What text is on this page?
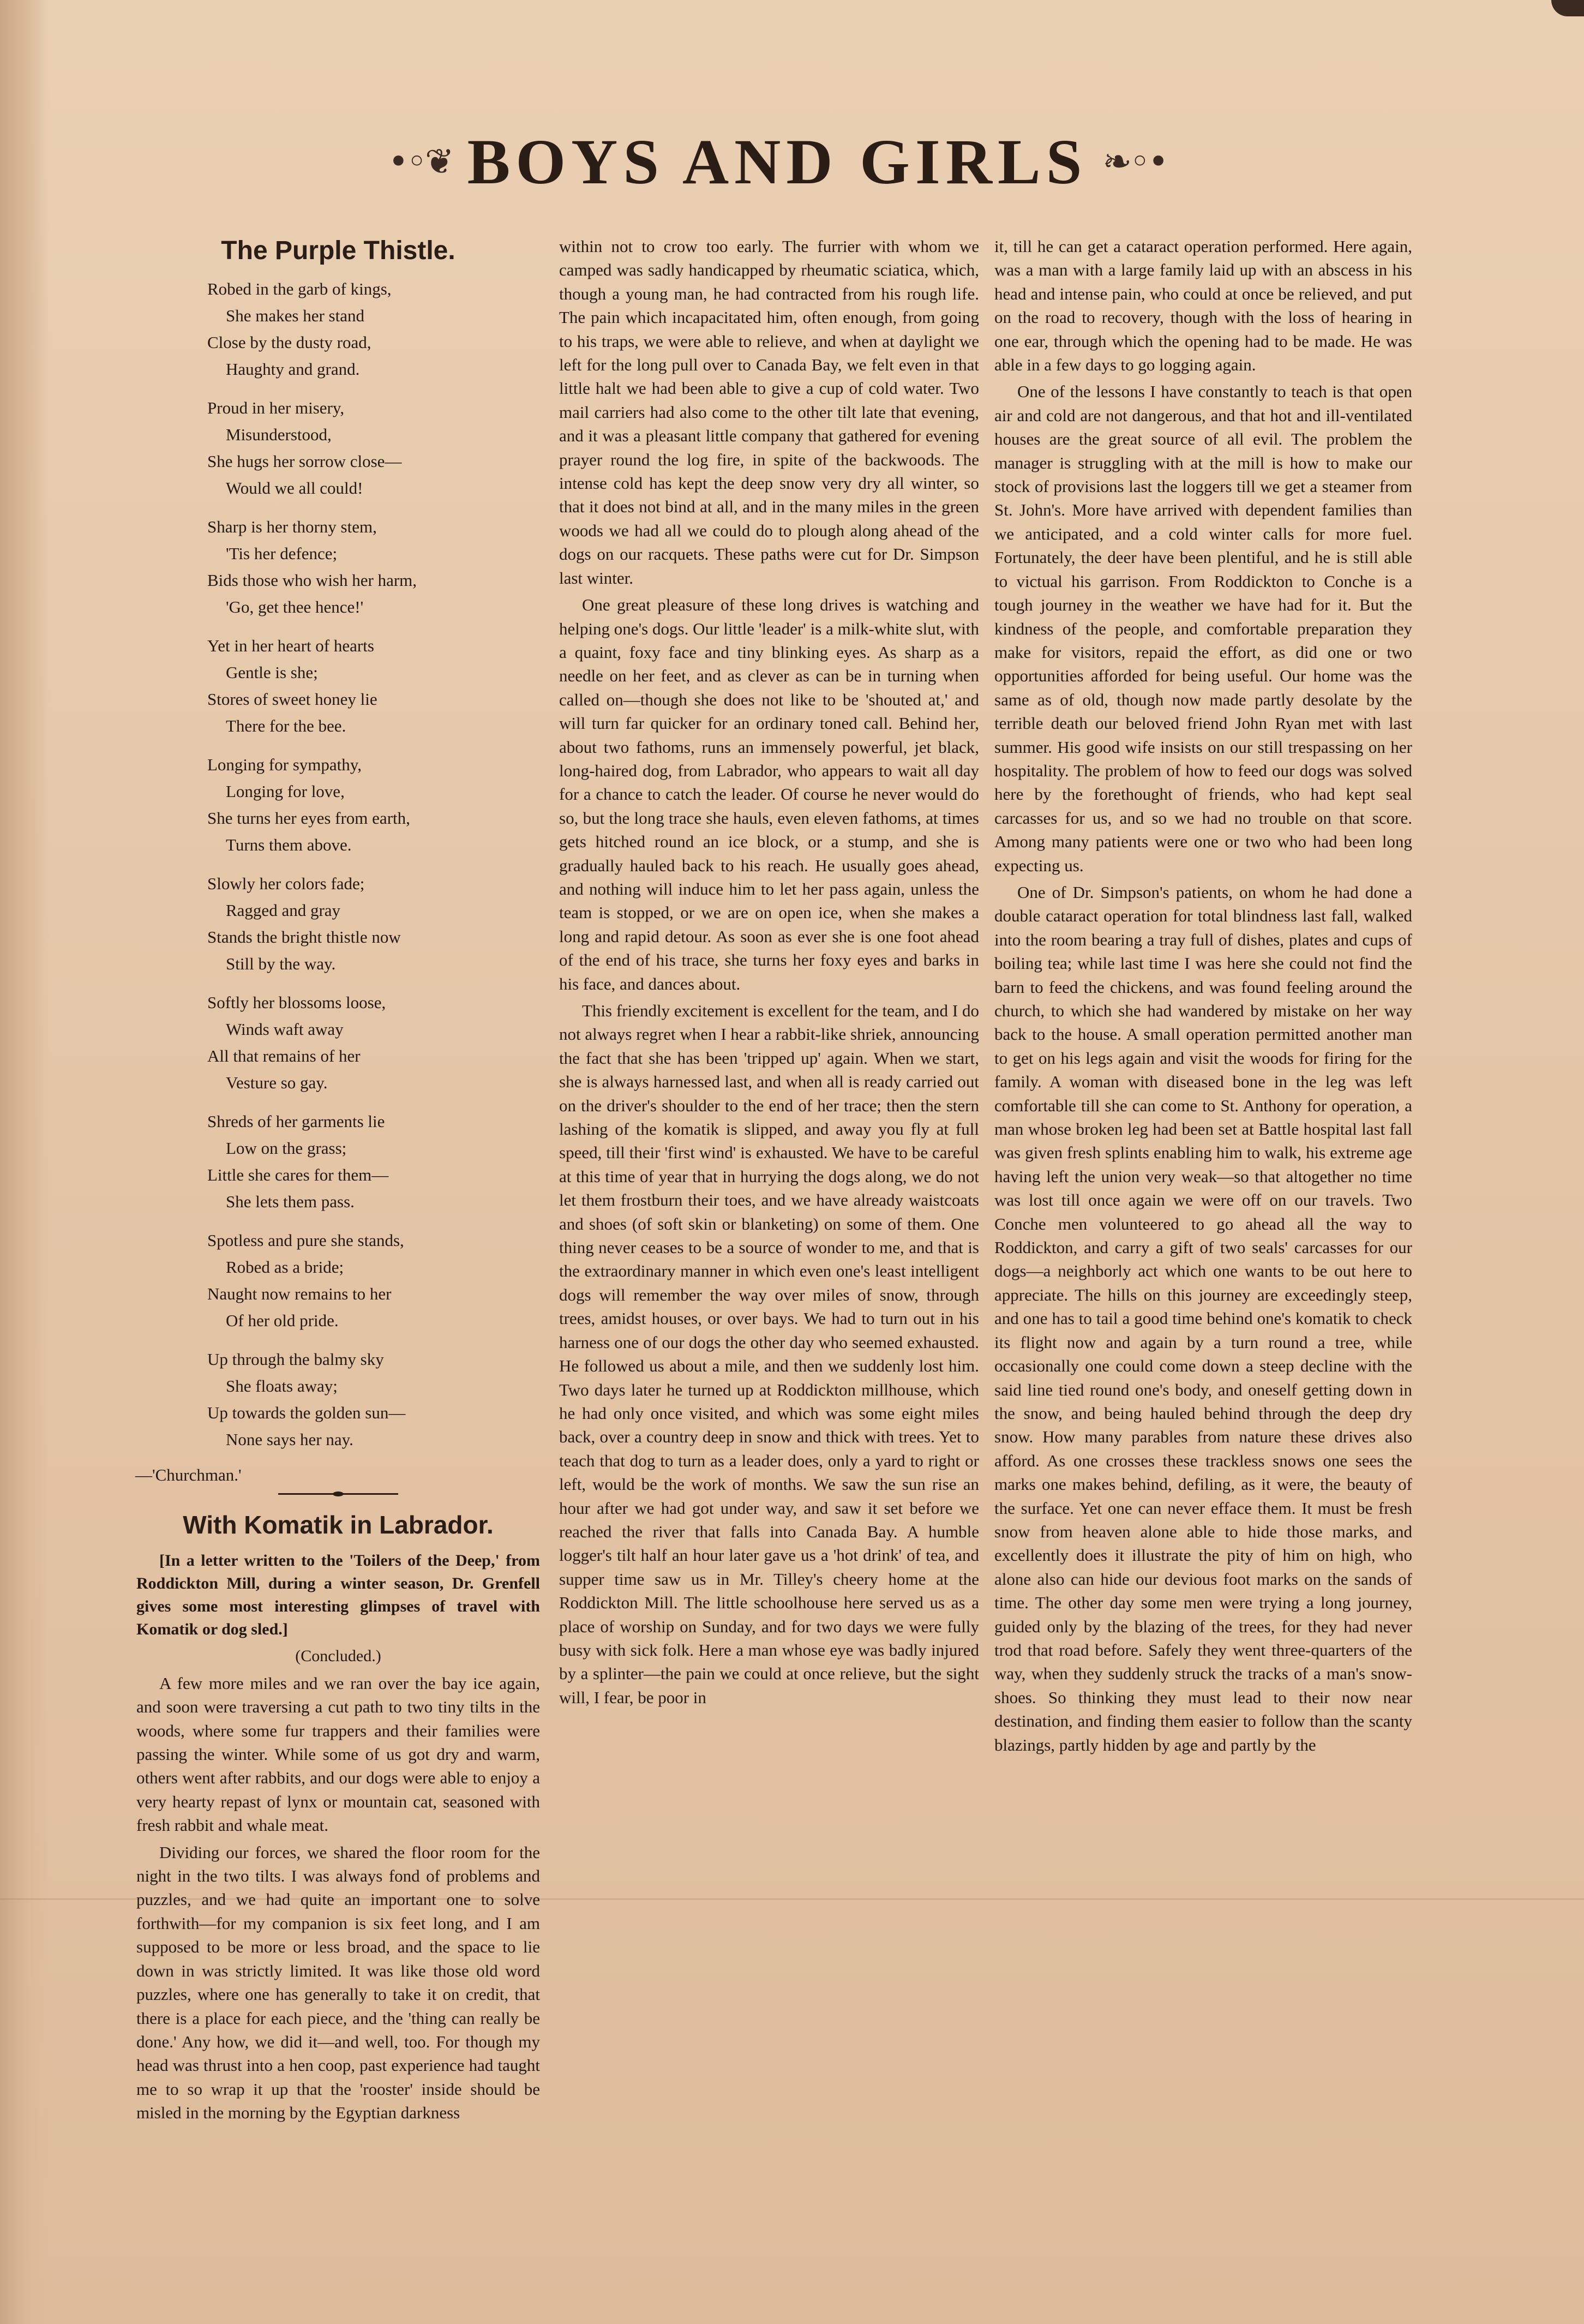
•◦❦ BOYS AND GIRLS ❧◦•
The Purple Thistle.

Robed in the garb of kings,

She makes her stand

Close by the dusty road,

Haughty and grand.

Proud in her misery,

Misunderstood,

She hugs her sorrow close—

Would we all could!

Sharp is her thorny stem,

'Tis her defence;

Bids those who wish her harm,

'Go, get thee hence!'

Yet in her heart of hearts

Gentle is she;

Stores of sweet honey lie

There for the bee.

Longing for sympathy,

Longing for love,

She turns her eyes from earth,

Turns them above.

Slowly her colors fade;

Ragged and gray

Stands the bright thistle now

Still by the way.

Softly her blossoms loose,

Winds waft away

All that remains of her

Vesture so gay.

Shreds of her garments lie

Low on the grass;

Little she cares for them—

She lets them pass.

Spotless and pure she stands,

Robed as a bride;

Naught now remains to her

Of her old pride.

Up through the balmy sky

She floats away;

Up towards the golden sun—

None says her nay.

—'Churchman.'
With Komatik in Labrador.

[In a letter written to the 'Toilers of the Deep,' from Roddickton Mill, during a winter season, Dr. Grenfell gives some most interesting glimpses of travel with Komatik or dog sled.]

(Concluded.)

A few more miles and we ran over the bay ice again, and soon were traversing a cut path to two tiny tilts in the woods, where some fur trappers and their families were passing the winter. While some of us got dry and warm, others went after rabbits, and our dogs were able to enjoy a very hearty repast of lynx or mountain cat, seasoned with fresh rabbit and whale meat.

Dividing our forces, we shared the floor room for the night in the two tilts. I was always fond of problems and puzzles, and we had quite an important one to solve forthwith—for my companion is six feet long, and I am supposed to be more or less broad, and the space to lie down in was strictly limited. It was like those old word puzzles, where one has generally to take it on credit, that there is a place for each piece, and the 'thing can really be done.' Any how, we did it—and well, too. For though my head was thrust into a hen coop, past experience had taught me to so wrap it up that the 'rooster' inside should be misled in the morning by the Egyptian darkness

within not to crow too early. The furrier with whom we camped was sadly handicapped by rheumatic sciatica, which, though a young man, he had contracted from his rough life. The pain which incapacitated him, often enough, from going to his traps, we were able to relieve, and when at daylight we left for the long pull over to Canada Bay, we felt even in that little halt we had been able to give a cup of cold water. Two mail carriers had also come to the other tilt late that evening, and it was a pleasant little company that gathered for evening prayer round the log fire, in spite of the backwoods. The intense cold has kept the deep snow very dry all winter, so that it does not bind at all, and in the many miles in the green woods we had all we could do to plough along ahead of the dogs on our racquets. These paths were cut for Dr. Simpson last winter.

One great pleasure of these long drives is watching and helping one's dogs. Our little 'leader' is a milk-white slut, with a quaint, foxy face and tiny blinking eyes. As sharp as a needle on her feet, and as clever as can be in turning when called on—though she does not like to be 'shouted at,' and will turn far quicker for an ordinary toned call. Behind her, about two fathoms, runs an immensely powerful, jet black, long-haired dog, from Labrador, who appears to wait all day for a chance to catch the leader. Of course he never would do so, but the long trace she hauls, even eleven fathoms, at times gets hitched round an ice block, or a stump, and she is gradually hauled back to his reach. He usually goes ahead, and nothing will induce him to let her pass again, unless the team is stopped, or we are on open ice, when she makes a long and rapid detour. As soon as ever she is one foot ahead of the end of his trace, she turns her foxy eyes and barks in his face, and dances about.

This friendly excitement is excellent for the team, and I do not always regret when I hear a rabbit-like shriek, announcing the fact that she has been 'tripped up' again. When we start, she is always harnessed last, and when all is ready carried out on the driver's shoulder to the end of her trace; then the stern lashing of the komatik is slipped, and away you fly at full speed, till their 'first wind' is exhausted. We have to be careful at this time of year that in hurrying the dogs along, we do not let them frostburn their toes, and we have already waistcoats and shoes (of soft skin or blanketing) on some of them. One thing never ceases to be a source of wonder to me, and that is the extraordinary manner in which even one's least intelligent dogs will remember the way over miles of snow, through trees, amidst houses, or over bays. We had to turn out in his harness one of our dogs the other day who seemed exhausted. He followed us about a mile, and then we suddenly lost him. Two days later he turned up at Roddickton millhouse, which he had only once visited, and which was some eight miles back, over a country deep in snow and thick with trees. Yet to teach that dog to turn as a leader does, only a yard to right or left, would be the work of months. We saw the sun rise an hour after we had got under way, and saw it set before we reached the river that falls into Canada Bay. A humble logger's tilt half an hour later gave us a 'hot drink' of tea, and supper time saw us in Mr. Tilley's cheery home at the Roddickton Mill. The little schoolhouse here served us as a place of worship on Sunday, and for two days we were fully busy with sick folk. Here a man whose eye was badly injured by a splinter—the pain we could at once relieve, but the sight will, I fear, be poor in

it, till he can get a cataract operation performed. Here again, was a man with a large family laid up with an abscess in his head and intense pain, who could at once be relieved, and put on the road to recovery, though with the loss of hearing in one ear, through which the opening had to be made. He was able in a few days to go logging again.

One of the lessons I have constantly to teach is that open air and cold are not dangerous, and that hot and ill-ventilated houses are the great source of all evil. The problem the manager is struggling with at the mill is how to make our stock of provisions last the loggers till we get a steamer from St. John's. More have arrived with dependent families than we anticipated, and a cold winter calls for more fuel. Fortunately, the deer have been plentiful, and he is still able to victual his garrison. From Roddickton to Conche is a tough journey in the weather we have had for it. But the kindness of the people, and comfortable preparation they make for visitors, repaid the effort, as did one or two opportunities afforded for being useful. Our home was the same as of old, though now made partly desolate by the terrible death our beloved friend John Ryan met with last summer. His good wife insists on our still trespassing on her hospitality. The problem of how to feed our dogs was solved here by the forethought of friends, who had kept seal carcasses for us, and so we had no trouble on that score. Among many patients were one or two who had been long expecting us.

One of Dr. Simpson's patients, on whom he had done a double cataract operation for total blindness last fall, walked into the room bearing a tray full of dishes, plates and cups of boiling tea; while last time I was here she could not find the barn to feed the chickens, and was found feeling around the church, to which she had wandered by mistake on her way back to the house. A small operation permitted another man to get on his legs again and visit the woods for firing for the family. A woman with diseased bone in the leg was left comfortable till she can come to St. Anthony for operation, a man whose broken leg had been set at Battle hospital last fall was given fresh splints enabling him to walk, his extreme age having left the union very weak—so that altogether no time was lost till once again we were off on our travels. Two Conche men volunteered to go ahead all the way to Roddickton, and carry a gift of two seals' carcasses for our dogs—a neighborly act which one wants to be out here to appreciate. The hills on this journey are exceedingly steep, and one has to tail a good time behind one's komatik to check its flight now and again by a turn round a tree, while occasionally one could come down a steep decline with the said line tied round one's body, and oneself getting down in the snow, and being hauled behind through the deep dry snow. How many parables from nature these drives also afford. As one crosses these trackless snows one sees the marks one makes behind, defiling, as it were, the beauty of the surface. Yet one can never efface them. It must be fresh snow from heaven alone able to hide those marks, and excellently does it illustrate the pity of him on high, who alone also can hide our devious foot marks on the sands of time. The other day some men were trying a long journey, guided only by the blazing of the trees, for they had never trod that road before. Safely they went three-quarters of the way, when they suddenly struck the tracks of a man's snow-shoes. So thinking they must lead to their now near destination, and finding them easier to follow than the scanty blazings, partly hidden by age and partly by the
